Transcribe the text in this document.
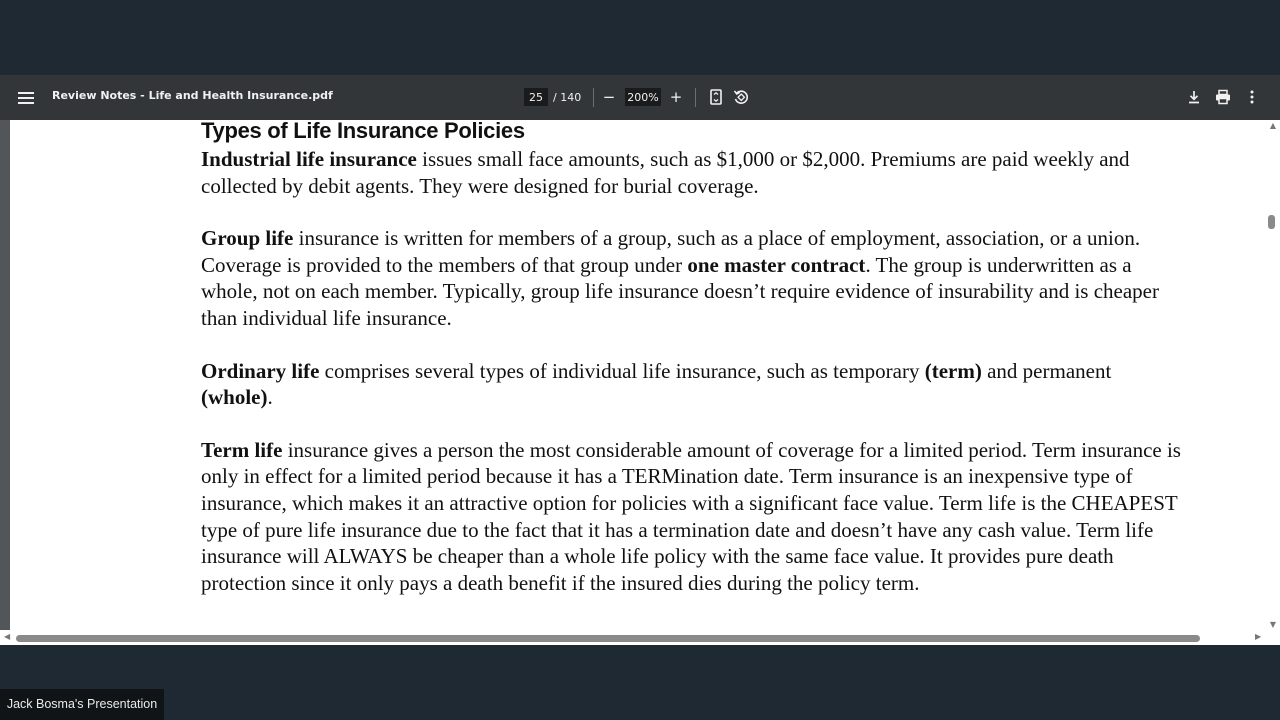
Review Notes - Life and Health Insurance.pdf
25	/ 140	−
200%	+
Types of Life Insurance Policies

Industrial life insurance issues small face amounts, such as $1,000 or $2,000. Premiums are paid weekly and collected by debit agents. They were designed for burial coverage.

Group life insurance is written for members of a group, such as a place of employment, association, or a union. Coverage is provided to the members of that group under one master contract. The group is underwritten as a whole, not on each member. Typically, group life insurance doesn’t require evidence of insurability and is cheaper than individual life insurance.

Ordinary life comprises several types of individual life insurance, such as temporary (term) and permanent (whole).

Term life insurance gives a person the most considerable amount of coverage for a limited period. Term insurance is only in effect for a limited period because it has a TERMination date. Term insurance is an inexpensive type of insurance, which makes it an attractive option for policies with a significant face value. Term life is the CHEAPEST type of pure life insurance due to the fact that it has a termination date and doesn’t have any cash value. Term life insurance will ALWAYS be cheaper than a whole life policy with the same face value. It provides pure death protection since it only pays a death benefit if the insured dies during the policy term.

▲
▼
◀	▶
Jack Bosma's Presentation
